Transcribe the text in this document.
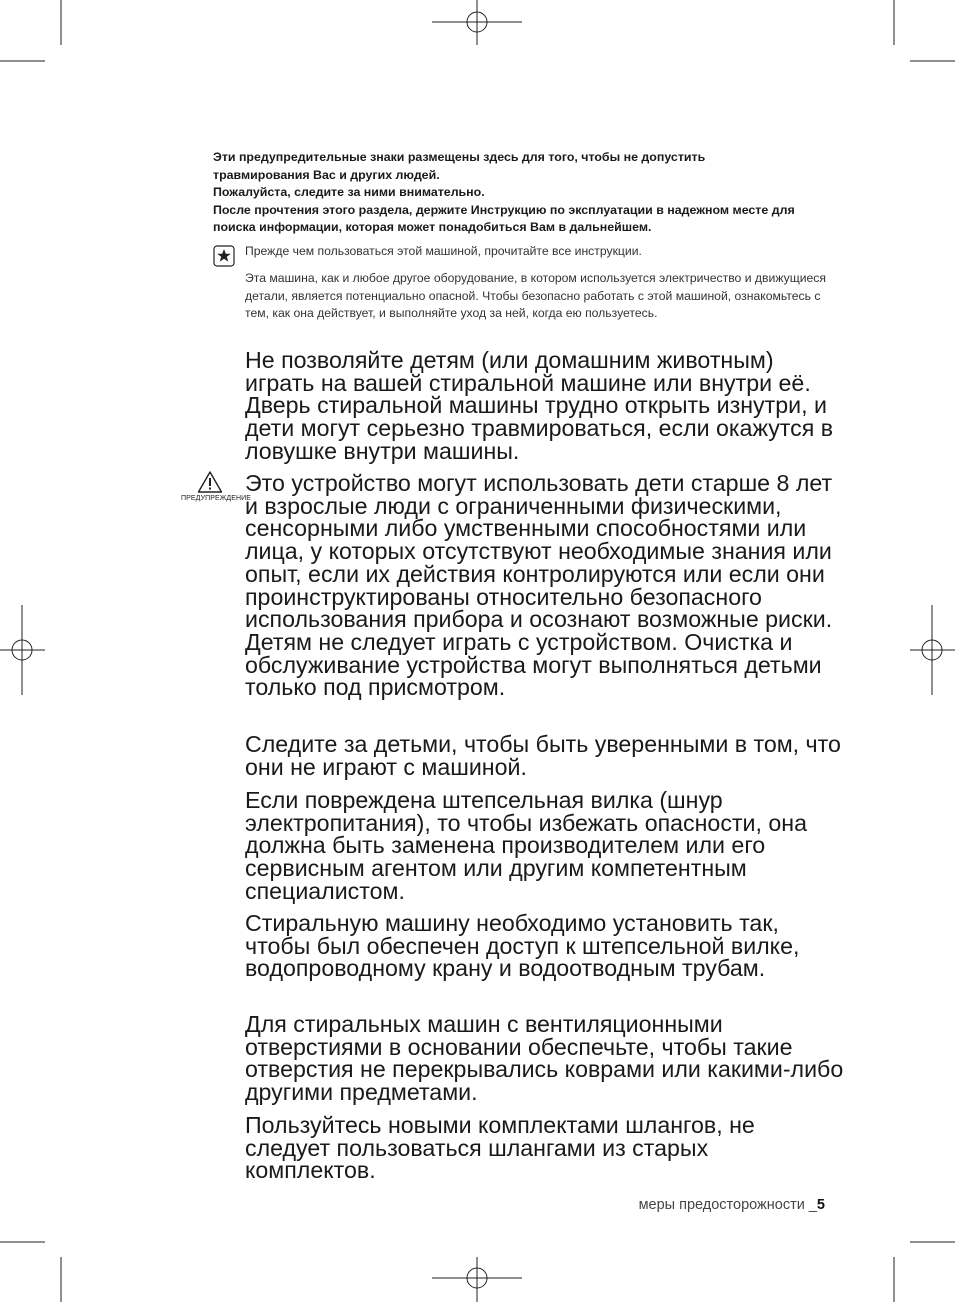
Эти предупредительные знаки размещены здесь для того, чтобы не допустить травмирования Вас и других людей.

Пожалуйста, следите за ними внимательно.

После прочтения этого раздела, держите Инструкцию по эксплуатации в надежном месте для поиска информации, которая может понадобиться Вам в дальнейшем.

Прежде чем пользоваться этой машиной, прочитайте все инструкции.

Эта машина, как и любое другое оборудование, в котором используется электричество и движущиеся детали, является потенциально опасной. Чтобы безопасно работать с этой машиной, ознакомьтесь с тем, как она действует, и выполняйте уход за ней, когда ею пользуетесь.

Не позволяйте детям (или домашним животным) играть на вашей стиральной машине или внутри её. Дверь стиральной машины трудно открыть изнутри, и дети могут серьезно травмироваться, если окажутся в ловушке внутри машины.

ПРЕДУПРЕЖДЕНИЕ

Это устройство могут использовать дети старше 8 лет и взрослые люди с ограниченными физическими, сенсорными либо умственными способностями или лица, у которых отсутствуют необходимые знания или опыт, если их действия контролируются или если они проинструктированы относительно безопасного использования прибора и осознают возможные риски. Детям не следует играть с устройством. Очистка и обслуживание устройства могут выполняться детьми только под присмотром.

Следите за детьми, чтобы быть уверенными в том, что они не играют с машиной.

Если повреждена штепсельная вилка (шнур электропитания), то чтобы избежать опасности, она должна быть заменена производителем или его сервисным агентом или другим компетентным специалистом.

Стиральную машину необходимо установить так, чтобы был обеспечен доступ к штепсельной вилке, водопроводному крану и водоотводным трубам.

Для стиральных машин с вентиляционными отверстиями в основании обеспечьте, чтобы такие отверстия не перекрывались коврами или какими-либо другими предметами.

Пользуйтесь новыми комплектами шлангов, не следует пользоваться шлангами из старых комплектов.

меры предосторожности _5
